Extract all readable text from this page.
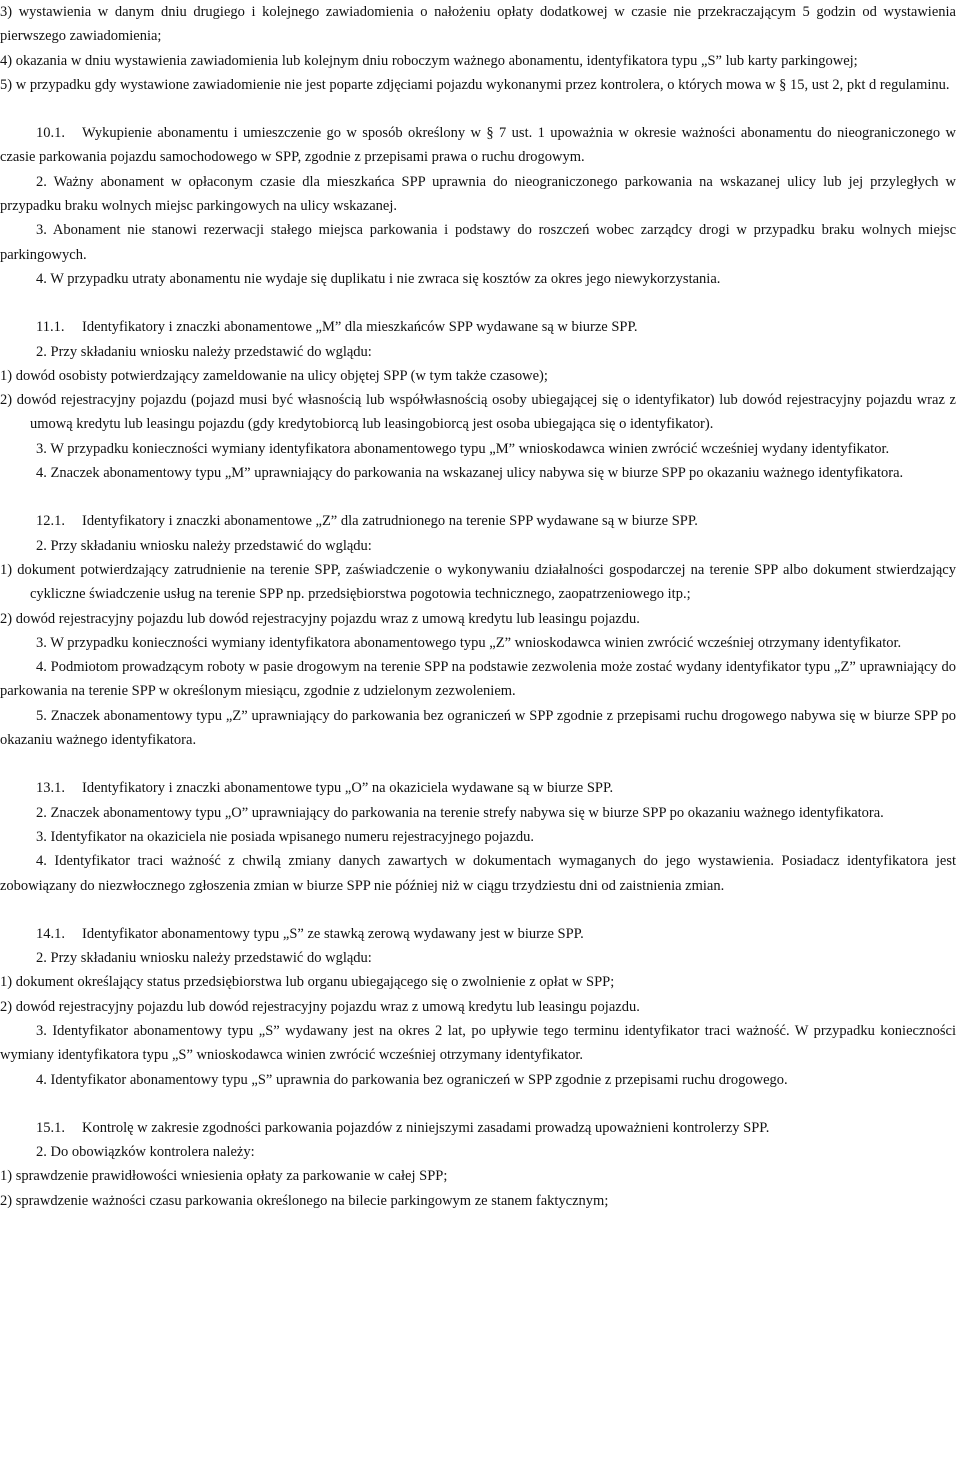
3) wystawienia w danym dniu drugiego i kolejnego zawiadomienia o nałożeniu opłaty dodatkowej w czasie nie przekraczającym 5 godzin od wystawienia pierwszego zawiadomienia;

4) okazania w dniu wystawienia zawiadomienia lub kolejnym dniu roboczym ważnego abonamentu, identyfikatora typu „S” lub karty parkingowej;

5) w przypadku gdy wystawione zawiadomienie nie jest poparte zdjęciami pojazdu wykonanymi przez kontrolera, o których mowa w § 15, ust 2, pkt d regulaminu.

10.1. Wykupienie abonamentu i umieszczenie go w sposób określony w § 7 ust. 1 upoważnia w okresie ważności abonamentu do nieograniczonego w czasie parkowania pojazdu samochodowego w SPP, zgodnie z przepisami prawa o ruchu drogowym.

2. Ważny abonament w opłaconym czasie dla mieszkańca SPP uprawnia do nieograniczonego parkowania na wskazanej ulicy lub jej przyległych w przypadku braku wolnych miejsc parkingowych na ulicy wskazanej.

3. Abonament nie stanowi rezerwacji stałego miejsca parkowania i podstawy do roszczeń wobec zarządcy drogi w przypadku braku wolnych miejsc parkingowych.

4. W przypadku utraty abonamentu nie wydaje się duplikatu i nie zwraca się kosztów za okres jego niewykorzystania.

11.1. Identyfikatory i znaczki abonamentowe „M” dla mieszkańców SPP wydawane są w biurze SPP.

2. Przy składaniu wniosku należy przedstawić do wglądu:

1) dowód osobisty potwierdzający zameldowanie na ulicy objętej SPP (w tym także czasowe);

2) dowód rejestracyjny pojazdu (pojazd musi być własnością lub współwłasnością osoby ubiegającej się o identyfikator) lub dowód rejestracyjny pojazdu wraz z umową kredytu lub leasingu pojazdu (gdy kredytobiorcą lub leasingobiorcą jest osoba ubiegająca się o identyfikator).

3. W przypadku konieczności wymiany identyfikatora abonamentowego typu „M” wnioskodawca winien zwrócić wcześniej wydany identyfikator.

4. Znaczek abonamentowy typu „M” uprawniający do parkowania na wskazanej ulicy nabywa się w biurze SPP po okazaniu ważnego identyfikatora.

12.1. Identyfikatory i znaczki abonamentowe „Z” dla zatrudnionego na terenie SPP wydawane są w biurze SPP.

2. Przy składaniu wniosku należy przedstawić do wglądu:

1) dokument potwierdzający zatrudnienie na terenie SPP, zaświadczenie o wykonywaniu działalności gospodarczej na terenie SPP albo dokument stwierdzający cykliczne świadczenie usług na terenie SPP np. przedsiębiorstwa pogotowia technicznego, zaopatrzeniowego itp.;

2) dowód rejestracyjny pojazdu lub dowód rejestracyjny pojazdu wraz z umową kredytu lub leasingu pojazdu.

3. W przypadku konieczności wymiany identyfikatora abonamentowego typu „Z” wnioskodawca winien zwrócić wcześniej otrzymany identyfikator.

4. Podmiotom prowadzącym roboty w pasie drogowym na terenie SPP na podstawie zezwolenia może zostać wydany identyfikator typu „Z” uprawniający do parkowania na terenie SPP w określonym miesiącu, zgodnie z udzielonym zezwoleniem.

5. Znaczek abonamentowy typu „Z” uprawniający do parkowania bez ograniczeń w SPP zgodnie z przepisami ruchu drogowego nabywa się w biurze SPP po okazaniu ważnego identyfikatora.

13.1. Identyfikatory i znaczki abonamentowe typu „O” na okaziciela wydawane są w biurze SPP.

2. Znaczek abonamentowy typu „O” uprawniający do parkowania na terenie strefy nabywa się w biurze SPP po okazaniu ważnego identyfikatora.

3. Identyfikator na okaziciela nie posiada wpisanego numeru rejestracyjnego pojazdu.

4. Identyfikator traci ważność z chwilą zmiany danych zawartych w dokumentach wymaganych do jego wystawienia. Posiadacz identyfikatora jest zobowiązany do niezwłocznego zgłoszenia zmian w biurze SPP nie później niż w ciągu trzydziestu dni od zaistnienia zmian.

14.1. Identyfikator abonamentowy typu „S” ze stawką zerową wydawany jest w biurze SPP.

2. Przy składaniu wniosku należy przedstawić do wglądu:

1) dokument określający status przedsiębiorstwa lub organu ubiegającego się o zwolnienie z opłat w SPP;

2) dowód rejestracyjny pojazdu lub dowód rejestracyjny pojazdu wraz z umową kredytu lub leasingu pojazdu.

3. Identyfikator abonamentowy typu „S” wydawany jest na okres 2 lat, po upływie tego terminu identyfikator traci ważność. W przypadku konieczności wymiany identyfikatora typu „S” wnioskodawca winien zwrócić wcześniej otrzymany identyfikator.

4. Identyfikator abonamentowy typu „S” uprawnia do parkowania bez ograniczeń w SPP zgodnie z przepisami ruchu drogowego.

15.1. Kontrolę w zakresie zgodności parkowania pojazdów z niniejszymi zasadami prowadzą upoważnieni kontrolerzy SPP.

2. Do obowiązków kontrolera należy:

1) sprawdzenie prawidłowości wniesienia opłaty za parkowanie w całej SPP;

2) sprawdzenie ważności czasu parkowania określonego na bilecie parkingowym ze stanem faktycznym;
